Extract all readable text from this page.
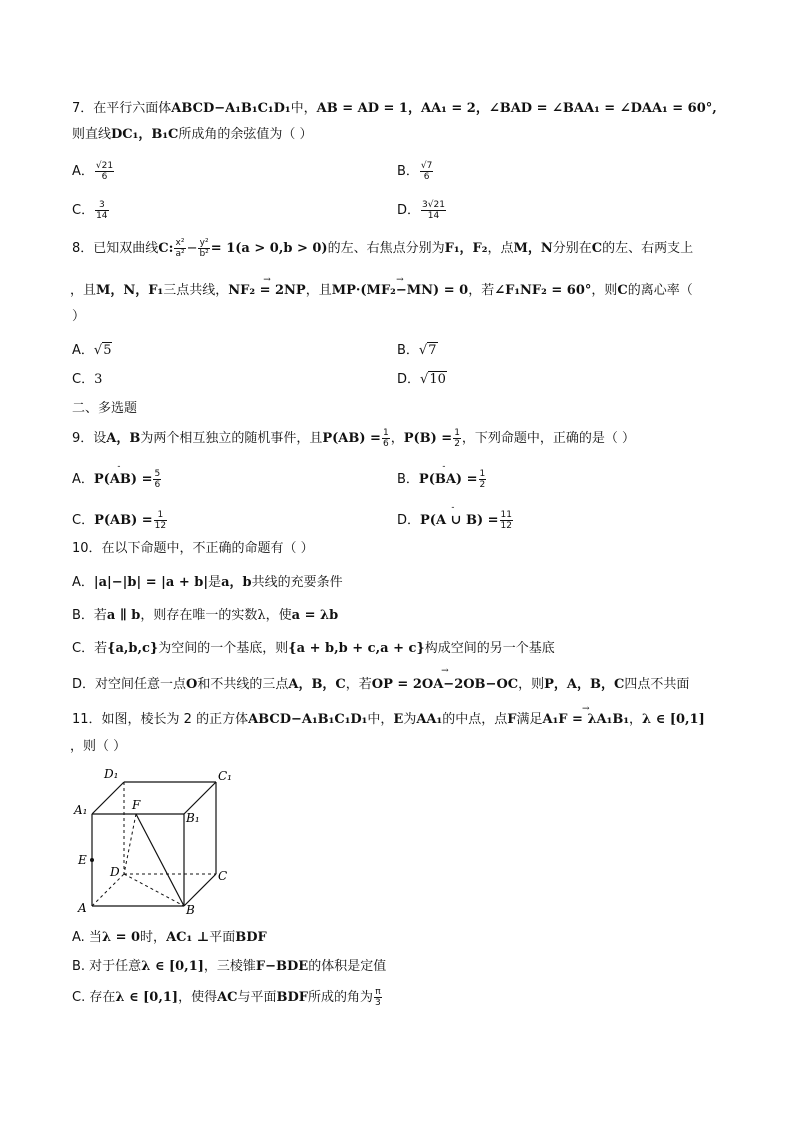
7．在平行六面体ABCD−A₁B₁C₁D₁中，AB = AD = 1，AA₁ = 2，∠BAD = ∠BAA₁ = ∠DAA₁ = 60°,
则直线DC₁，B₁C所成角的余弦值为（ ）
A． $\frac{√21}{6}$	B． $\frac{√7}{6}$
C． $\frac{3}{14}$	D． $\frac{3√21}{14}$
8．已知双曲线C: $\frac{\text{x²}}{\text{a²}} - \frac{\text{y²}}{\text{b²}} = 1(a > 0,b > 0)$的左、右焦点分别为F₁，F₂，点M，N分别在C的左、右两支上
，且M，N，F₁三点共线，→ NF₂ = 2NP，且→ MP·(MF₂−MN) = 0，若∠F₁NF₂ = 60°，则C的离心率（
）
A．√5	B．√7
C．3	D．√10
二、多选题
9．设A，B为两个相互独立的随机事件，且$P(AB) = \frac{1}{6}$ ，$P(B) = \frac{1}{2}$ ，下列命题中，正确的是（ ）
A．- $P(AB) = \frac{5}{6}$	B．- $P(BA) = \frac{1}{2}$
C．$P(AB) = \frac{1}{12}$	D．- P(A ∪ $B) = \frac{11}{12}$
10．在以下命题中，不正确的命题有（ ）
A．|a|−|b| = |a + b|是a，b共线的充要条件
B．若a ∥ b，则存在唯一的实数λ，使a = λb
C．若{a,b,c}为空间的一个基底，则{a + b,b + c,a + c}构成空间的另一个基底
D．对空间任意一点O和不共线的三点A，B，C，若→ OP = 2OA−2OB−OC，则P，A，B，C四点不共面
11．如图，棱长为 2 的正方体ABCD−A₁B₁C₁D₁中，E为AA₁的中点，点F满足→ A₁F = λA₁B₁，λ ∈ [0,1]
，则（ ）
D₁	C₁
A₁
B₁
F
E
D	C
A	B
A. 当λ = 0时，AC₁ ⊥平面BDF
B. 对于任意λ ∈ [0,1]，三棱锥F−BDE的体积是定值
C. 存在λ ∈ [0,1]，使得AC与平面BDF所成的角为 $\frac{\pi}{3}$
